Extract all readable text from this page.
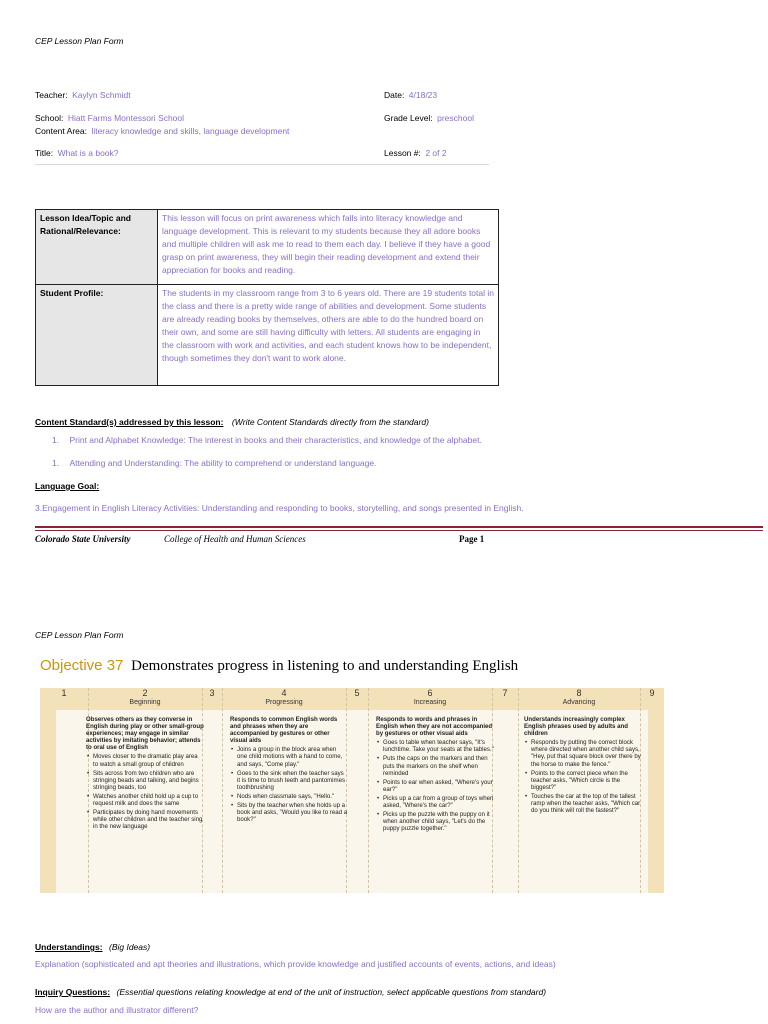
CEP Lesson Plan Form
Teacher: Kaylyn Schmidt	Date: 4/18/23
School: Hiatt Farms Montessori School	Grade Level: preschool
Content Area: literacy knowledge and skills, language development
Title: What is a book?	Lesson #: 2 of 2
Lesson Idea/Topic and Rational/Relevance:	This lesson will focus on print awareness which falls into literacy knowledge and language development. This is relevant to my students because they all adore books and multiple children will ask me to read to them each day. I believe if they have a good grasp on print awareness, they will begin their reading development and extend their appreciation for books and reading.
Student Profile:	The students in my classroom range from 3 to 6 years old. There are 19 students total in the class and there is a pretty wide range of abilities and development. Some students are already reading books by themselves, others are able to do the hundred board on their own, and some are still having difficulty with letters. All students are engaging in the classroom with work and activities, and each student knows how to be independent, though sometimes they don't want to work alone.
Content Standard(s) addressed by this lesson: (Write Content Standards directly from the standard)
1. Print and Alphabet Knowledge: The interest in books and their characteristics, and knowledge of the alphabet.
1. Attending and Understanding: The ability to comprehend or understand language.
Language Goal:
3.Engagement in English Literacy Activities: Understanding and responding to books, storytelling, and songs presented in English.
Colorado State University	College of Health and Human Sciences	Page 1
CEP Lesson Plan Form
Objective 37 Demonstrates progress in listening to and understanding English
1	2
Beginning
3	4
Progressing
5	6
Increasing
7	8
Advancing
9
Observes others as they converse in English during play or other small-group experiences; may engage in similar activities by imitating behavior; attends to oral use of English
• Moves closer to the dramatic play area to watch a small group of children
• Sits across from two children who are stringing beads and talking, and begins stringing beads, too
• Watches another child hold up a cup to request milk and does the same
• Participates by doing hand movements while other children and the teacher sing in the new language
Responds to common English words and phrases when they are accompanied by gestures or other visual aids
• Joins a group in the block area when one child motions with a hand to come, and says, "Come play."
• Goes to the sink when the teacher says it is time to brush teeth and pantomimes toothbrushing
• Nods when classmate says, "Hello."
• Sits by the teacher when she holds up a book and asks, "Would you like to read a book?"
Responds to words and phrases in English when they are not accompanied by gestures or other visual aids
• Goes to table when teacher says, "It's lunchtime. Take your seats at the tables."
• Puts the caps on the markers and then puts the markers on the shelf when reminded
• Points to ear when asked, "Where's your ear?"
• Picks up a car from a group of toys when asked, "Where's the car?"
• Picks up the puzzle with the puppy on it when another child says, "Let's do the puppy puzzle together."
Understands increasingly complex English phrases used by adults and children
• Responds by putting the correct block where directed when another child says, "Hey, put that square block over there by the horse to make the fence."
• Points to the correct piece when the teacher asks, "Which circle is the biggest?"
• Touches the car at the top of the tallest ramp when the teacher asks, "Which car do you think will roll the fastest?"
Understandings: (Big Ideas)
Explanation (sophisticated and apt theories and illustrations, which provide knowledge and justified accounts of events, actions, and ideas)
Inquiry Questions: (Essential questions relating knowledge at end of the unit of instruction, select applicable questions from standard)
How are the author and illustrator different?
